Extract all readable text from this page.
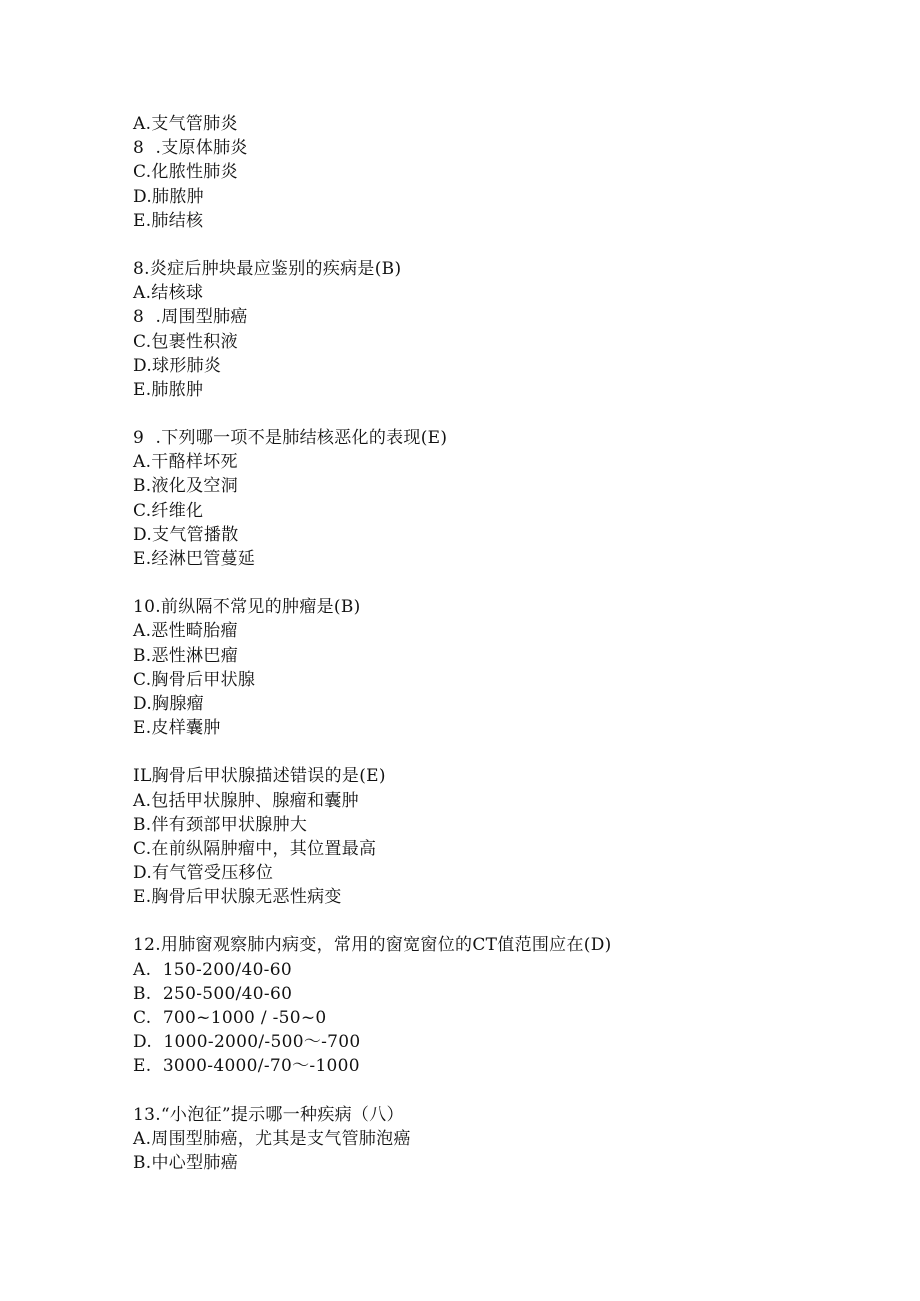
A.支气管肺炎
8  .支原体肺炎
C.化脓性肺炎
D.肺脓肿
E.肺结核
8.炎症后肿块最应鉴别的疾病是(B)
A.结核球
8  .周围型肺癌
C.包裹性积液
D.球形肺炎
E.肺脓肿
9  .下列哪一项不是肺结核恶化的表现(E)
A.干酪样坏死
B.液化及空洞
C.纤维化
D.支气管播散
E.经淋巴管蔓延
10.前纵隔不常见的肿瘤是(B)
A.恶性畸胎瘤
B.恶性淋巴瘤
C.胸骨后甲状腺
D.胸腺瘤
E.皮样囊肿
IL胸骨后甲状腺描述错误的是(E)
A.包括甲状腺肿、腺瘤和囊肿
B.伴有颈部甲状腺肿大
C.在前纵隔肿瘤中，其位置最高
D.有气管受压移位
E.胸骨后甲状腺无恶性病变
12.用肺窗观察肺内病变，常用的窗宽窗位的CT值范围应在(D)
A.  150-200/40-60
B.  250-500/40-60
C.  700~1000 / -50~0
D.  1000-2000/-500～-700
E.  3000-4000/-70～-1000
13.“小泡征”提示哪一种疾病（八）
A.周围型肺癌，尤其是支气管肺泡癌
B.中心型肺癌
